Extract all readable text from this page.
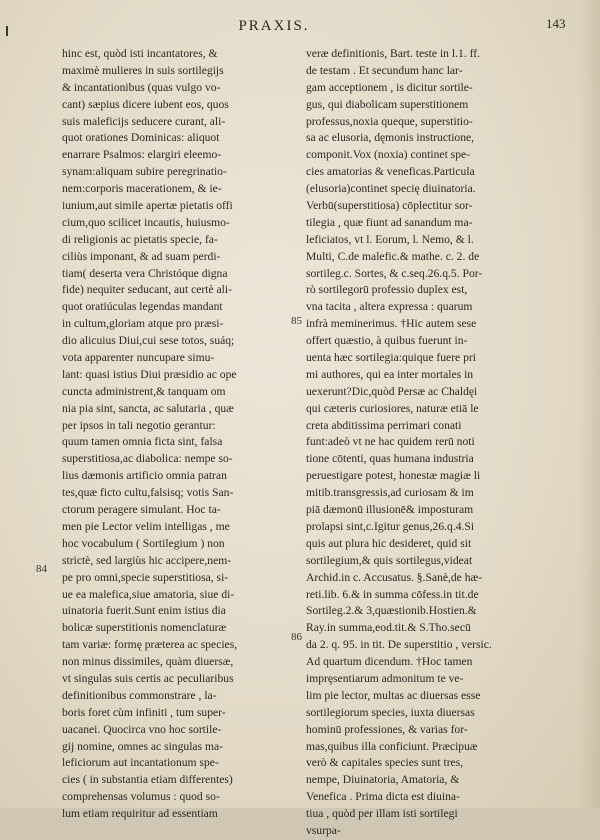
PRAXIS.	143
hinc est, quòd isti incantatores, &
maximè mulieres in suis sortilegijs
& incantationibus (quas vulgo vo-
cant) sæpius dicere iubent eos, quos
suis maleficijs seducere curant, ali-
quot orationes Dominicas: aliquot
enarrare Psalmos: elargiri eleemo-
synam:aliquam subire peregrinatio-
nem:corporis macerationem, & ie-
iunium,aut simile apertæ pietatis offi
cium,quo scilicet incautis, huiusmo-
di religionis ac pietatis specie, fa-
ciliùs imponant, & ad suam perdi-
tiam( deserta vera Christóque digna
fide) nequiter seducant, aut certè ali-
quot oratiúculas legendas mandant
in cultum,gloriam atque pro præsi-
dio alicuius Diui,cui sese totos, suáq;
vota apparenter nuncupare simu-
lant: quasi istius Diui præsidio ac ope
cuncta administrent,& tanquam om
nia pia sint, sancta, ac salutaria , quæ
per ipsos in tali negotio gerantur:
quum tamen omnia ficta sint, falsa
superstitiosa,ac diabolica: nempe so-
lius dæmonis artificio omnia patran
tes,quæ ficto cultu,falsisq; votis San-
ctorum peragere simulant. Hoc ta-
men pie Lector velim intelligas , me
hoc vocabulum ( Sortilegium ) non
strictè, sed largiùs hic accipere,nem-
pe pro omni,specie superstitiosa, si-
ue ea malefica,siue amatoria, siue di-
uinatoria fuerit.Sunt enim istius dia
bolicæ superstitionis nomenclaturæ
tam variæ: formę præterea ac species,
non minus dissimiles, quàm diuersæ,
vt singulas suis certis ac peculiaribus
definitionibus commonstrare , la-
boris foret cùm infiniti , tum super-
uacanei. Quocirca vno hoc sortile-
gij nomine, omnes ac singulas ma-
leficiorum aut incantationum spe-
cies ( in substantia etiam differentes)
comprehensas volumus : quod so-
lum etiam requiritur ad essentiam
veræ definitionis, Bart. teste in l.1. ff.
de testam . Et secundum hanc lar-
gam acceptionem , is dicitur sortile-
gus, qui diabolicam superstitionem
professus,noxia queque, superstitio-
sa ac elusoria, dęmonis instructione,
componit.Vox (noxia) continet spe-
cies amatorias & veneficas.Particula
(elusoria)continet specię diuinatoria.
Verbū(superstitiosa) cōplectitur sor-
tilegia , quæ fiunt ad sanandum ma-
leficiatos, vt l. Eorum, l. Nemo, & l.
Multi, C.de malefic.& mathe. c. 2. de
sortileg.c. Sortes, & c.seq.26.q.5. Por-
rò sortilegorū professio duplex est,
vna tacita , altera expressa : quarum
infrà meminerimus. †Hic autem sese
offert quæstio, à quibus fuerunt in-
uenta hæc sortilegia:quique fuere pri
mi authores, qui ea inter mortales in
uexerunt?Dic,quòd Persæ ac Chaldęi
qui cæteris curiosiores, naturæ etiā le
creta abditissima perrimari conati
funt:adeò vt ne hac quidem rerū noti
tione cōtenti, quas humana industria
peruestigare potest, honestæ magiæ li
mitib.transgressis,ad curiosam & im
piā dæmonū illusionē& imposturam
prolapsi sint,c.Igitur genus,26.q.4.Si
quis aut plura hic desideret, quid sit
sortilegium,& quis sortilegus,videat
Archid.in c. Accusatus. §.Sanè,de hæ-
reti.lib. 6.& in summa cōfess.in tit.de
Sortileg.2.& 3,quæstionib.Hostien.&
Ray.in summa,eod.tit.& S.Tho.secū
da 2. q. 95. in tit. De superstitio , versic.
Ad quartum dicendum. †Hoc tamen
imprȩsentiarum admonitum te ve-
lim pie lector, multas ac diuersas esse
sortilegiorum species, iuxta diuersas
hominū professiones, & varias for-
mas,quibus illa conficiunt. Præcipuæ
verò & capitales species sunt tres,
nempe, Diuinatoria, Amatoria, &
Venefica . Prima dicta est diuina-
tiua , quòd per illam isti sortilegi
vsurpa-
85
84
86
